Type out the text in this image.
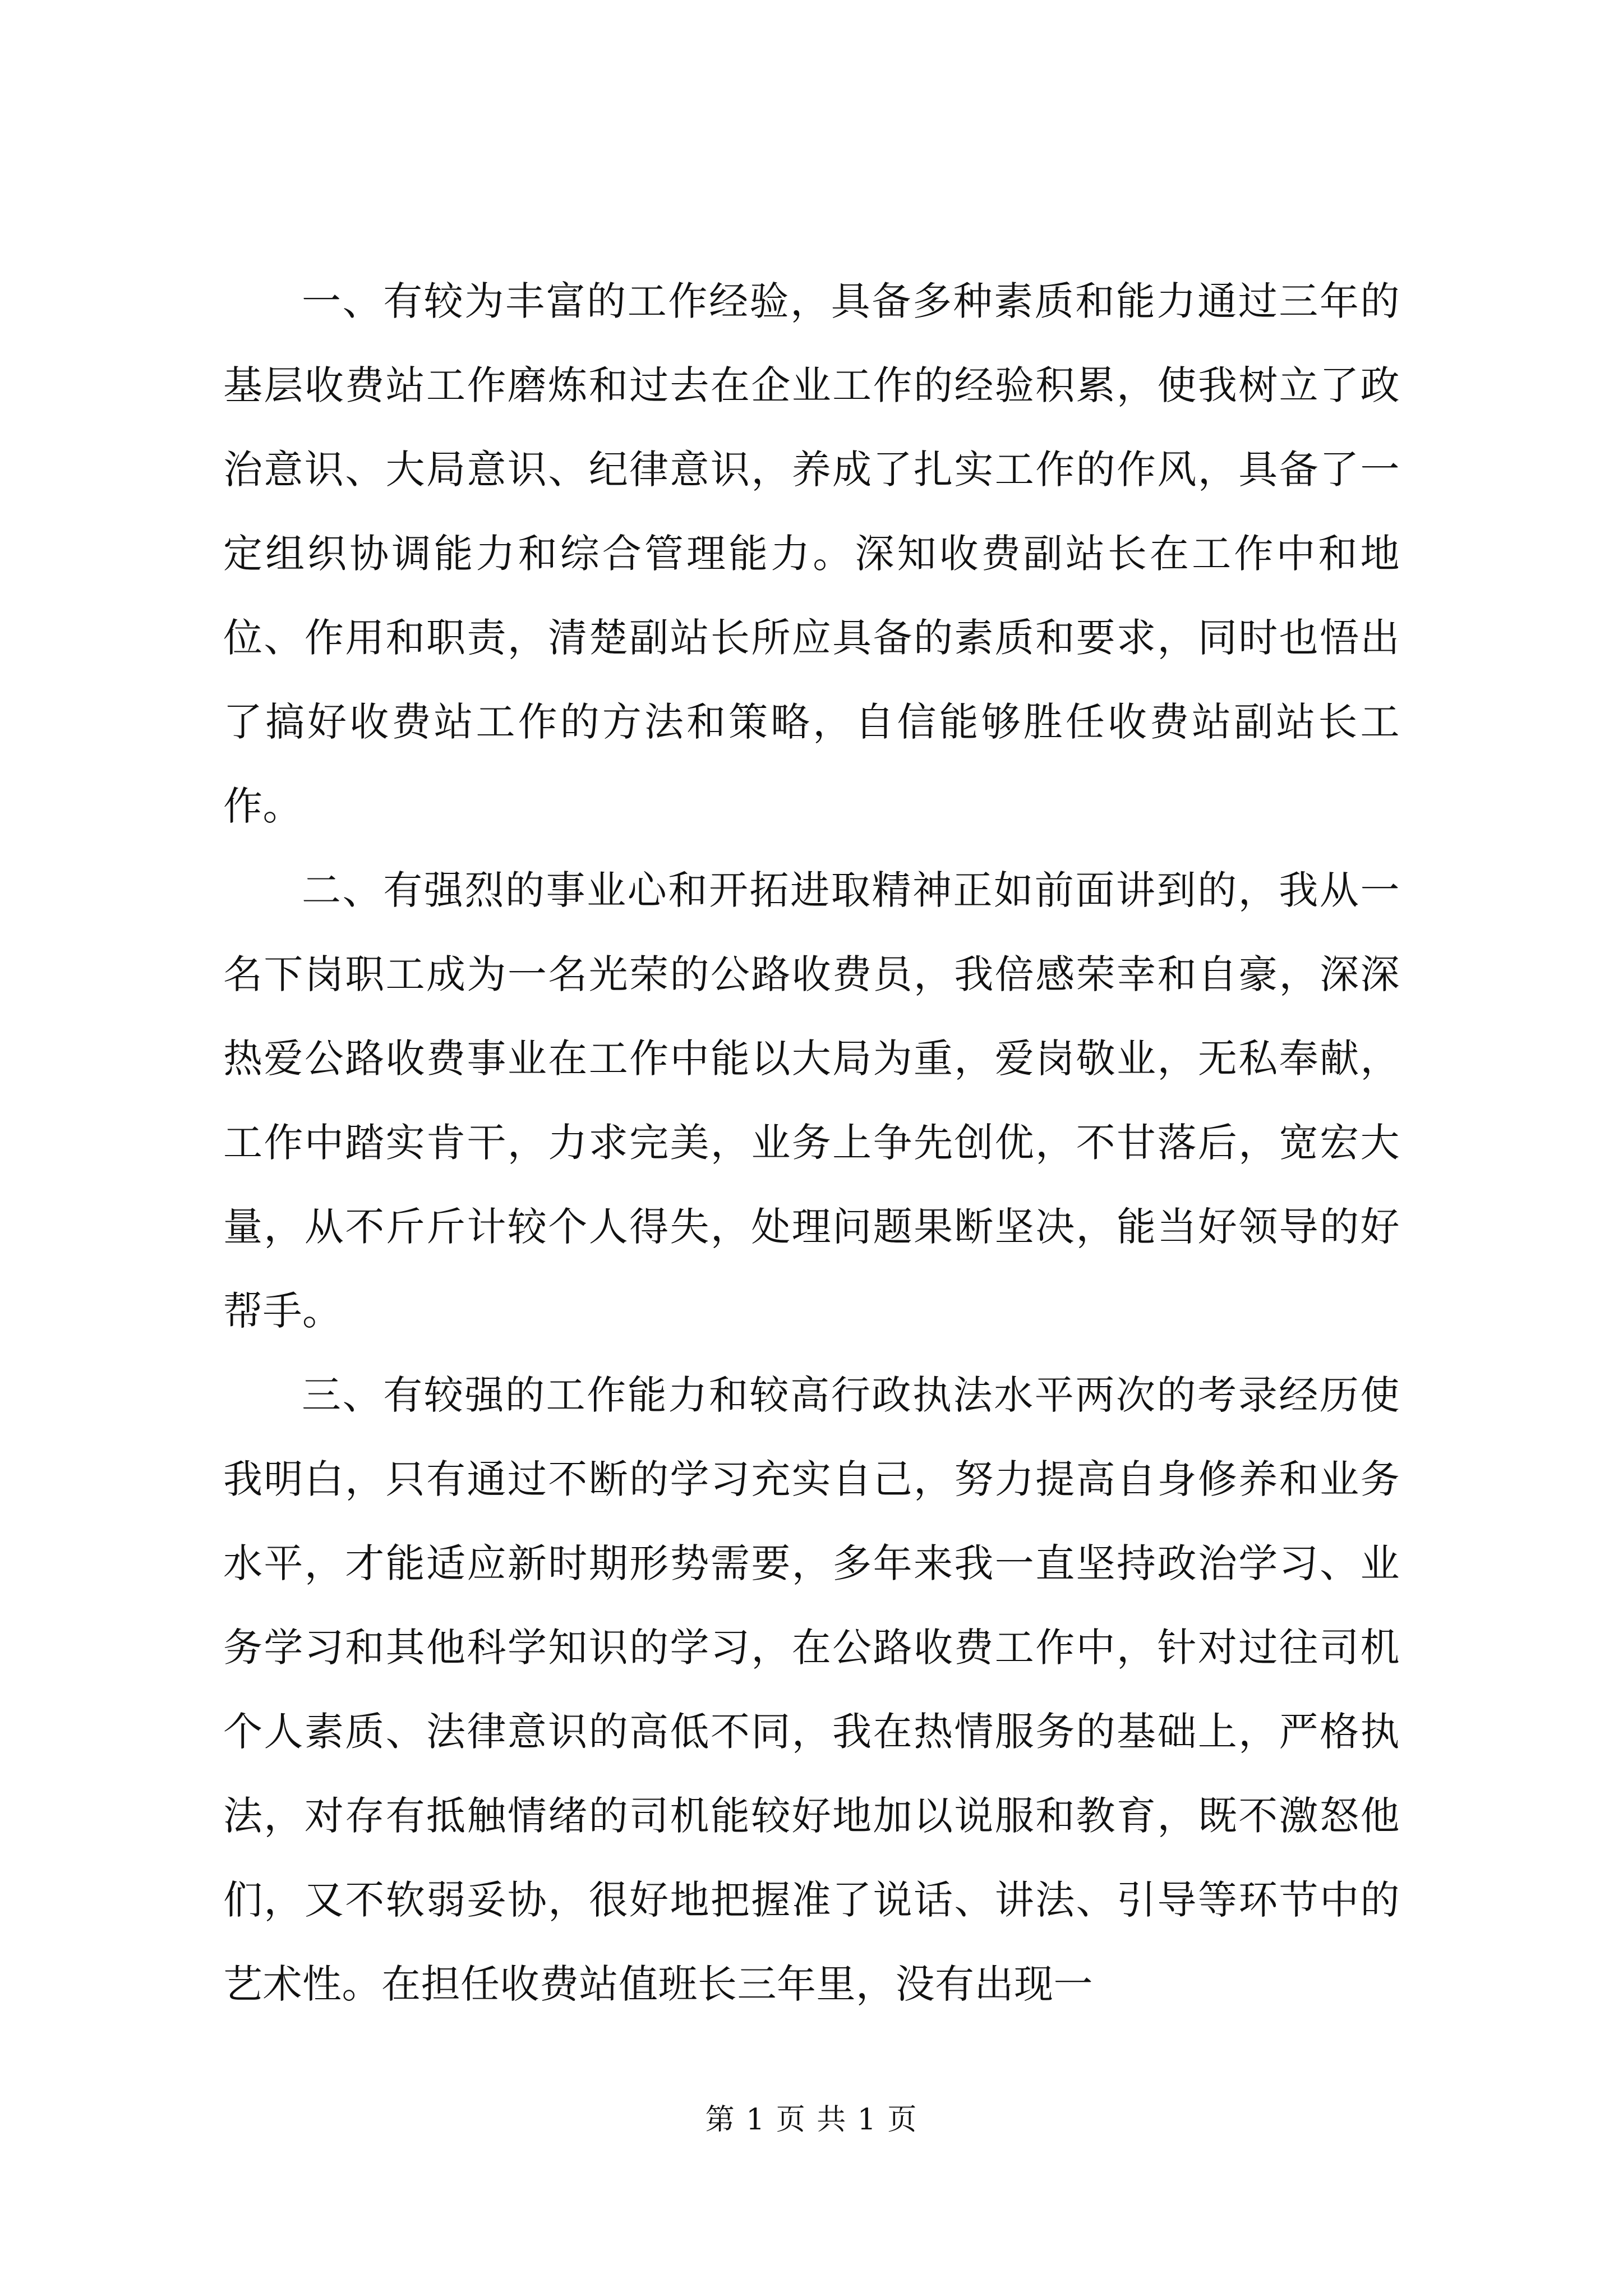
一、有较为丰富的工作经验，具备多种素质和能力通过三年的基层收费站工作磨炼和过去在企业工作的经验积累，使我树立了政治意识、大局意识、纪律意识，养成了扎实工作的作风，具备了一定组织协调能力和综合管理能力。深知收费副站长在工作中和地位、作用和职责，清楚副站长所应具备的素质和要求，同时也悟出了搞好收费站工作的方法和策略，自信能够胜任收费站副站长工作。

二、有强烈的事业心和开拓进取精神正如前面讲到的，我从一名下岗职工成为一名光荣的公路收费员，我倍感荣幸和自豪，深深热爱公路收费事业在工作中能以大局为重，爱岗敬业，无私奉献，工作中踏实肯干，力求完美，业务上争先创优，不甘落后，宽宏大量，从不斤斤计较个人得失，处理问题果断坚决，能当好领导的好帮手。

三、有较强的工作能力和较高行政执法水平两次的考录经历使我明白，只有通过不断的学习充实自己，努力提高自身修养和业务水平，才能适应新时期形势需要，多年来我一直坚持政治学习、业务学习和其他科学知识的学习，在公路收费工作中，针对过往司机个人素质、法律意识的高低不同，我在热情服务的基础上，严格执法，对存有抵触情绪的司机能较好地加以说服和教育，既不激怒他们，又不软弱妥协，很好地把握准了说话、讲法、引导等环节中的艺术性。在担任收费站值班长三年里，没有出现一

第 1 页 共 1 页
